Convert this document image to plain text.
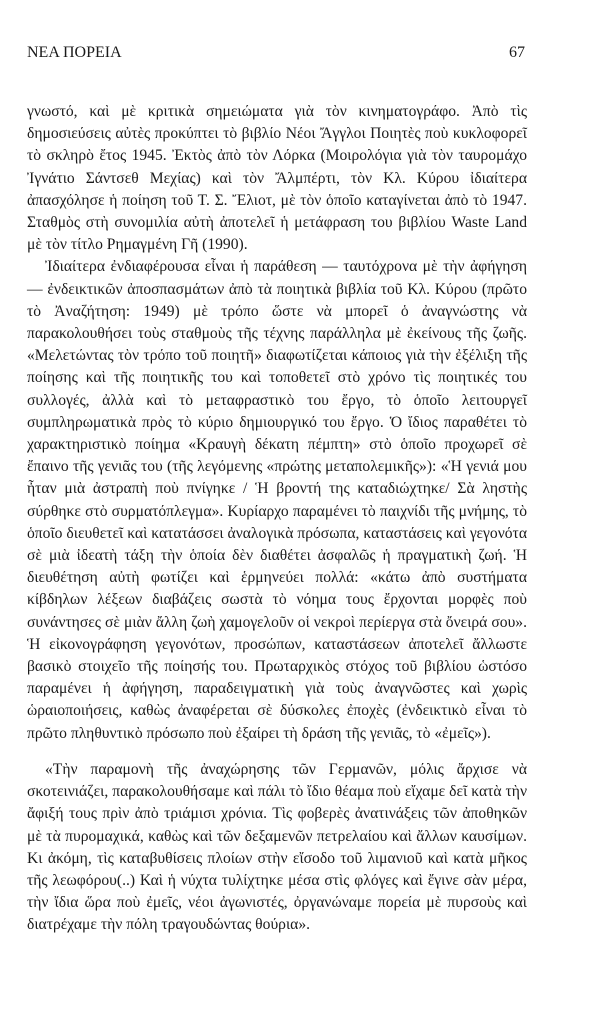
ΝΕΑ ΠΟΡΕΙΑ	67

γνωστό, καὶ μὲ κριτικὰ σημειώματα γιὰ τὸν κινηματογράφο. Ἀπὸ τὶς δημοσιεύσεις αὐτὲς προκύπτει τὸ βιβλίο Νέοι Ἄγγλοι Ποιητὲς ποὺ κυκλοφορεῖ τὸ σκληρὸ ἔτος 1945. Ἐκτὸς ἀπὸ τὸν Λόρκα (Μοιρολόγια γιὰ τὸν ταυρομάχο Ἰγνάτιο Σάντσεθ Μεχίας) καὶ τὸν Ἄλμπέρτι, τὸν Κλ. Κύρου ἰδιαίτερα ἀπασχόλησε ἡ ποίηση τοῦ Τ. Σ. Ἔλιοτ, μὲ τὸν ὁποῖο καταγίνεται ἀπὸ τὸ 1947. Σταθμὸς στὴ συνομιλία αὐτὴ ἀποτελεῖ ἡ μετάφραση του βιβλίου Waste Land μὲ τὸν τίτλο Ρημαγμένη Γῆ (1990).

Ἰδιαίτερα ἐνδιαφέρουσα εἶναι ἡ παράθεση — ταυτόχρονα μὲ τὴν ἀφήγηση — ἐνδεικτικῶν ἀποσπασμάτων ἀπὸ τὰ ποιητικὰ βιβλία τοῦ Κλ. Κύρου (πρῶτο τὸ Ἀναζήτηση: 1949) μὲ τρόπο ὥστε νὰ μπορεῖ ὁ ἀναγνώστης νὰ παρακολουθήσει τοὺς σταθμοὺς τῆς τέχνης παράλληλα μὲ ἐκείνους τῆς ζωῆς. «Μελετώντας τὸν τρόπο τοῦ ποιητῆ» διαφωτίζεται κάποιος γιὰ τὴν ἐξέλιξη τῆς ποίησης καὶ τῆς ποιητικῆς του καὶ τοποθετεῖ στὸ χρόνο τὶς ποιητικές του συλλογές, ἀλλὰ καὶ τὸ μεταφραστικὸ του ἔργο, τὸ ὁποῖο λειτουργεῖ συμπληρωματικὰ πρὸς τὸ κύριο δημιουργικό του ἔργο. Ὁ ἴδιος παραθέτει τὸ χαρακτηριστικὸ ποίημα «Κραυγὴ δέκατη πέμπτη» στὸ ὁποῖο προχωρεῖ σὲ ἔπαινο τῆς γενιᾶς του (τῆς λεγόμενης «πρώτης μεταπολεμικῆς»): «Ἡ γενιά μου ἦταν μιὰ ἀστραπὴ ποὺ πνίγηκε / Ἡ βροντή της καταδιώχτηκε/ Σὰ ληστὴς σύρθηκε στὸ συρματόπλεγμα». Κυρίαρχο παραμένει τὸ παιχνίδι τῆς μνήμης, τὸ ὁποῖο διευθετεῖ καὶ κατατάσσει ἀναλογικὰ πρόσωπα, καταστάσεις καὶ γεγονότα σὲ μιὰ ἰδεατὴ τάξη τὴν ὁποία δὲν διαθέτει ἀσφαλῶς ἡ πραγματικὴ ζωή. Ἡ διευθέτηση αὐτὴ φωτίζει καὶ ἑρμηνεύει πολλά: «κάτω ἀπὸ συστήματα κίβδηλων λέξεων διαβάζεις σωστὰ τὸ νόημα τους ἔρχονται μορφὲς ποὺ συνάντησες σὲ μιὰν ἄλλη ζωὴ χαμογελοῦν οἱ νεκροὶ περίεργα στὰ ὄνειρά σου». Ἡ εἰκονογράφηση γεγονότων, προσώπων, καταστάσεων ἀποτελεῖ ἄλλωστε βασικὸ στοιχεῖο τῆς ποίησής του. Πρωταρχικὸς στόχος τοῦ βιβλίου ὡστόσο παραμένει ἡ ἀφήγηση, παραδειγματικὴ γιὰ τοὺς ἀναγνῶστες καὶ χωρὶς ὡραιοποιήσεις, καθὼς ἀναφέρεται σὲ δύσκολες ἐποχὲς (ἐνδεικτικὸ εἶναι τὸ πρῶτο πληθυντικὸ πρόσωπο ποὺ ἐξαίρει τὴ δράση τῆς γενιᾶς, τὸ «ἐμεῖς»).

«Τὴν παραμονὴ τῆς ἀναχώρησης τῶν Γερμανῶν, μόλις ἄρχισε νὰ σκοτεινιάζει, παρακολουθήσαμε καὶ πάλι τὸ ἴδιο θέαμα ποὺ εἴχαμε δεῖ κατὰ τὴν ἄφιξή τους πρὶν ἀπὸ τριάμισι χρόνια. Τὶς φοβερὲς ἀνατινάξεις τῶν ἀποθηκῶν μὲ τὰ πυρομαχικά, καθὼς καὶ τῶν δεξαμενῶν πετρελαίου καὶ ἄλλων καυσίμων. Κι ἀκόμη, τὶς καταβυθίσεις πλοίων στὴν εἴσοδο τοῦ λιμανιοῦ καὶ κατὰ μῆκος τῆς λεωφόρου(..) Καὶ ἡ νύχτα τυλίχτηκε μέσα στὶς φλόγες καὶ ἔγινε σὰν μέρα, τὴν ἴδια ὥρα ποὺ ἐμεῖς, νέοι ἀγωνιστές, ὀργανώναμε πορεία μὲ πυρσοὺς καὶ διατρέχαμε τὴν πόλη τραγουδώντας θούρια».
